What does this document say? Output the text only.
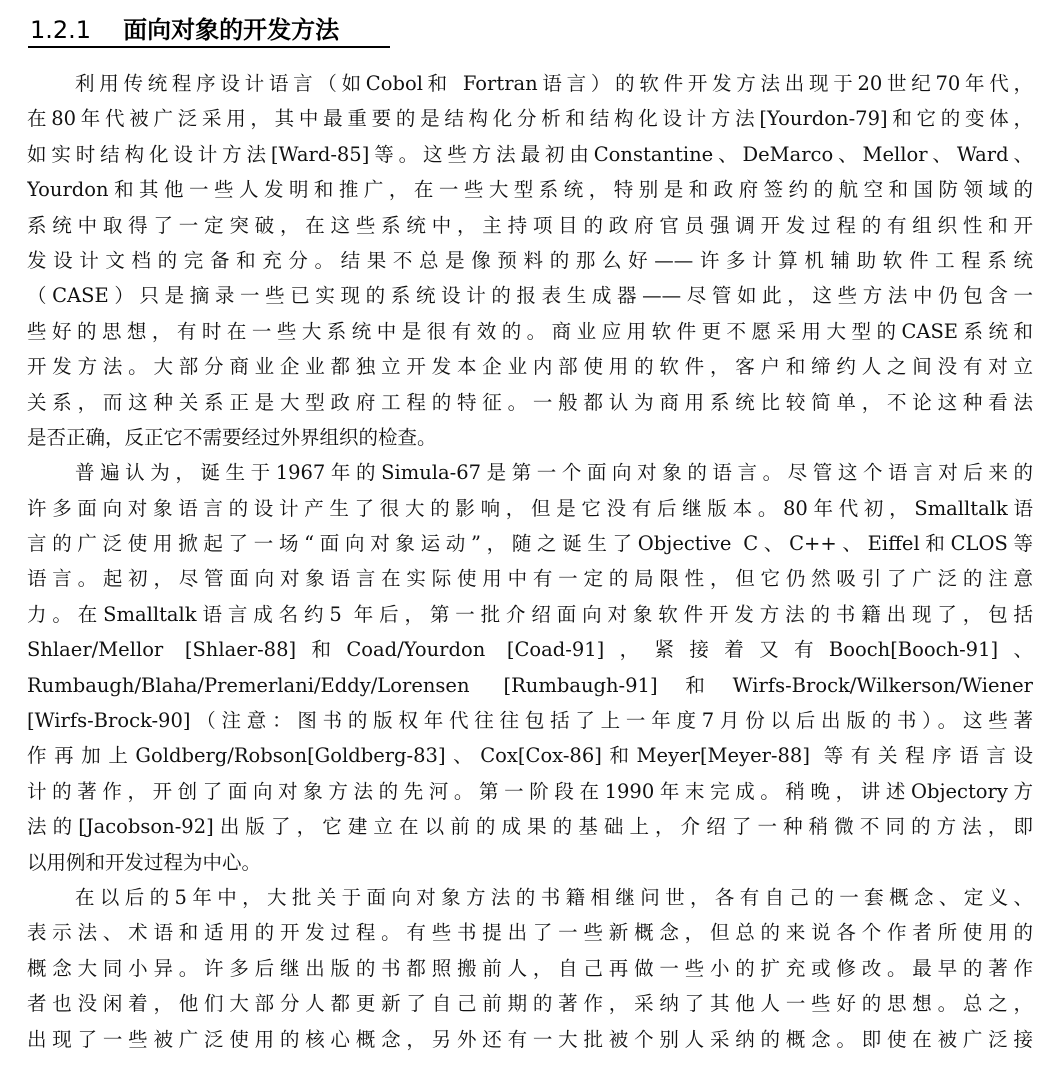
1.2.1 面向对象的开发方法
利用传统程序设计语言（如Cobol和 Fortran语言）的软件开发方法出现于20世纪70年代，
在80年代被广泛采用，其中最重要的是结构化分析和结构化设计方法[Yourdon-79]和它的变体，
如实时结构化设计方法[Ward-85]等。这些方法最初由Constantine、DeMarco、Mellor、Ward、
Yourdon和其他一些人发明和推广，在一些大型系统，特别是和政府签约的航空和国防领域的
系统中取得了一定突破，在这些系统中，主持项目的政府官员强调开发过程的有组织性和开
发设计文档的完备和充分。结果不总是像预料的那么好——许多计算机辅助软件工程系统
（CASE）只是摘录一些已实现的系统设计的报表生成器——尽管如此，这些方法中仍包含一
些好的思想，有时在一些大系统中是很有效的。商业应用软件更不愿采用大型的CASE系统和
开发方法。大部分商业企业都独立开发本企业内部使用的软件，客户和缔约人之间没有对立
关系，而这种关系正是大型政府工程的特征。一般都认为商用系统比较简单，不论这种看法
是否正确，反正它不需要经过外界组织的检查。
普遍认为，诞生于1967年的Simula-67是第一个面向对象的语言。尽管这个语言对后来的
许多面向对象语言的设计产生了很大的影响，但是它没有后继版本。80年代初，Smalltalk语
言的广泛使用掀起了一场“面向对象运动”，随之诞生了Objective C、C++、Eiffel和CLOS等
语言。起初，尽管面向对象语言在实际使用中有一定的局限性，但它仍然吸引了广泛的注意
力。在Smalltalk语言成名约5 年后，第一批介绍面向对象软件开发方法的书籍出现了，包括
Shlaer/Mellor [Shlaer-88]和Coad/Yourdon [Coad-91]，紧接着又有Booch[Booch-91]、
Rumbaugh/Blaha/Premerlani/Eddy/Lorensen [Rumbaugh-91]和Wirfs-Brock/Wilkerson/Wiener
[Wirfs-Brock-90]（注意：图书的版权年代往往包括了上一年度7月份以后出版的书）。这些著
作再加上Goldberg/Robson[Goldberg-83]、Cox[Cox-86]和Meyer[Meyer-88] 等有关程序语言设
计的著作，开创了面向对象方法的先河。第一阶段在1990年末完成。稍晚，讲述Objectory方
法的[Jacobson-92]出版了，它建立在以前的成果的基础上，介绍了一种稍微不同的方法，即
以用例和开发过程为中心。
在以后的5年中，大批关于面向对象方法的书籍相继问世，各有自己的一套概念、定义、
表示法、术语和适用的开发过程。有些书提出了一些新概念，但总的来说各个作者所使用的
概念大同小异。许多后继出版的书都照搬前人，自己再做一些小的扩充或修改。最早的著作
者也没闲着，他们大部分人都更新了自己前期的著作，采纳了其他人一些好的思想。总之，
出现了一些被广泛使用的核心概念，另外还有一大批被个别人采纳的概念。即使在被广泛接
